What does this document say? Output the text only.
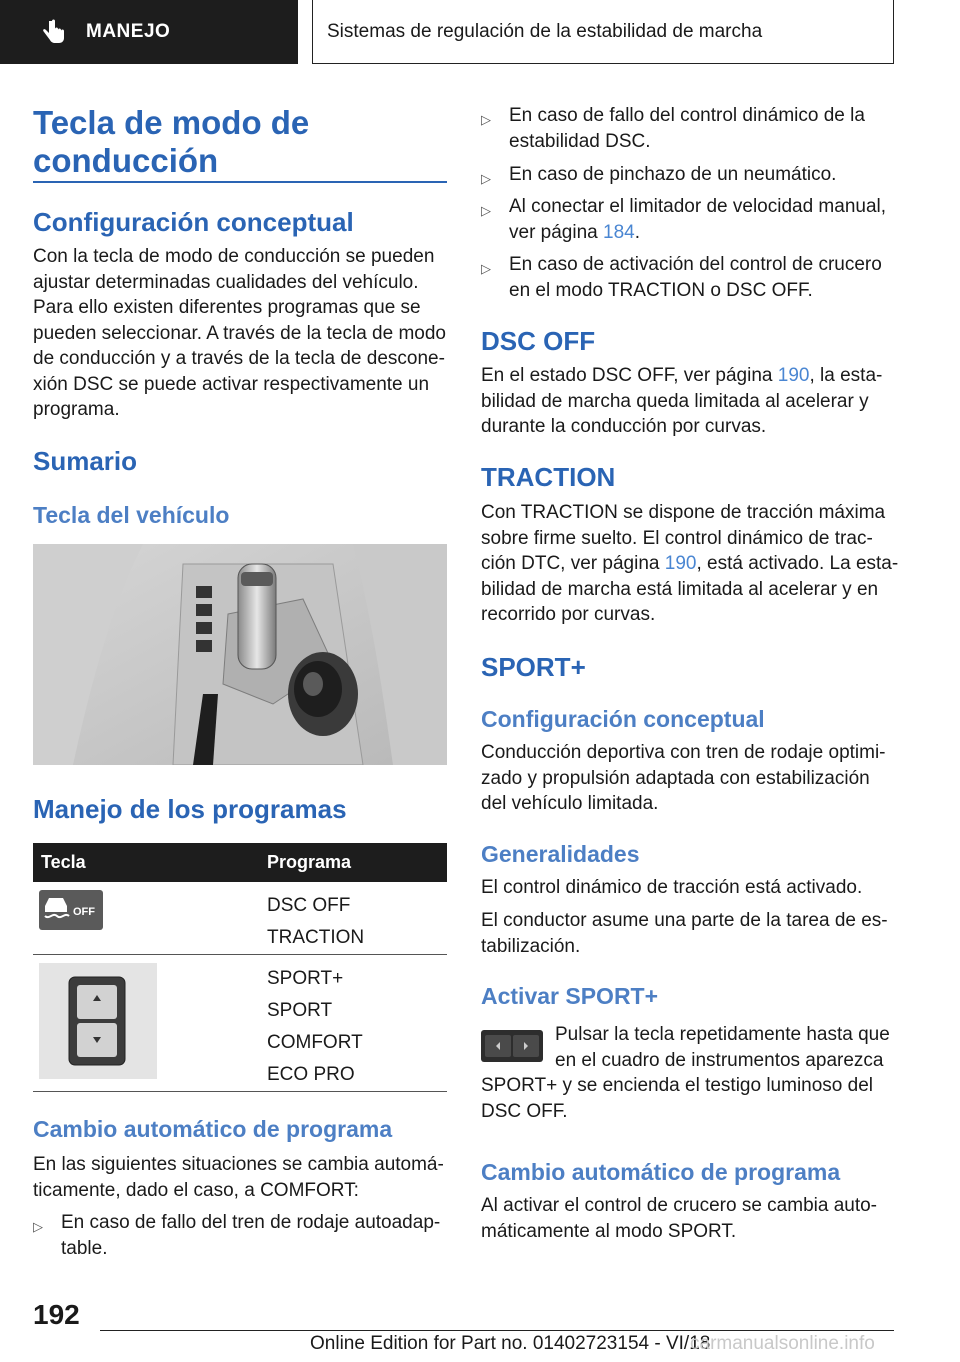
MANEJO	Sistemas de regulación de la estabilidad de marcha
Tecla de modo de
conducción
Configuración conceptual
Con la tecla de modo de conducción se pueden
ajustar determinadas cualidades del vehículo.
Para ello existen diferentes programas que se
pueden seleccionar. A través de la tecla de modo
de conducción y a través de la tecla de descone‐
xión DSC se puede activar respectivamente un
programa.
Sumario
Tecla del vehículo
Manejo de los programas
Tecla	Programa

OFF	DSC OFF
TRACTION

SPORT+
SPORT
COMFORT
ECO PRO
Cambio automático de programa
En las siguientes situaciones se cambia automá‐
ticamente, dado el caso, a COMFORT:
▷ En caso de fallo del tren de rodaje autoadap‐
table.
▷ En caso de fallo del control dinámico de la
estabilidad DSC.
▷ En caso de pinchazo de un neumático.
▷ Al conectar el limitador de velocidad manual,
ver página 184.
▷ En caso de activación del control de crucero
en el modo TRACTION o DSC OFF.
DSC OFF
En el estado DSC OFF, ver página 190, la esta‐
bilidad de marcha queda limitada al acelerar y
durante la conducción por curvas.
TRACTION
Con TRACTION se dispone de tracción máxima
sobre firme suelto. El control dinámico de trac‐
ción DTC, ver página 190, está activado. La esta‐
bilidad de marcha está limitada al acelerar y en
recorrido por curvas.
SPORT+
Configuración conceptual
Conducción deportiva con tren de rodaje optimi‐
zado y propulsión adaptada con estabilización
del vehículo limitada.
Generalidades
El control dinámico de tracción está activado.
El conductor asume una parte de la tarea de es‐
tabilización.
Activar SPORT+
Pulsar la tecla repetidamente hasta que
en el cuadro de instrumentos aparezca
SPORT+ y se encienda el testigo luminoso del
DSC OFF.
Cambio automático de programa
Al activar el control de crucero se cambia auto‐
máticamente al modo SPORT.
192
Online Edition for Part no. 01402723154 - VI/18
carmanualsonline.info
